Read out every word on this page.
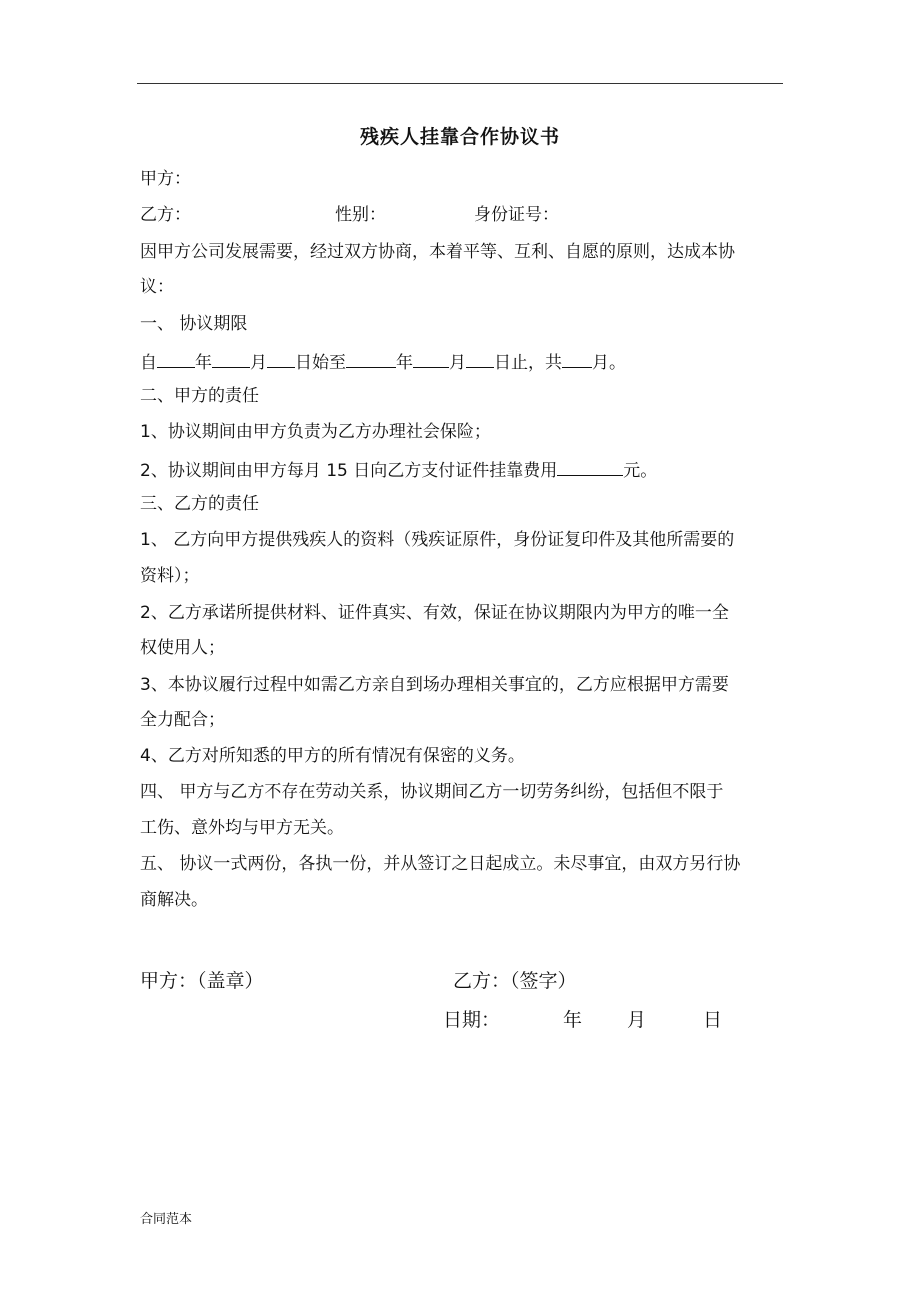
残疾人挂靠合作协议书
甲方：
乙方：	性别：	身份证号：
因甲方公司发展需要，经过双方协商，本着平等、互利、自愿的原则，达成本协
议：
一、 协议期限
自 年 月 日始至	年 月 日止，共 月。
二、甲方的责任
1、协议期间由甲方负责为乙方办理社会保险；
2、协议期间由甲方每月 15 日向乙方支付证件挂靠费用	元。
三、乙方的责任
1、 乙方向甲方提供残疾人的资料（残疾证原件，身份证复印件及其他所需要的
资料）；
2、乙方承诺所提供材料、证件真实、有效，保证在协议期限内为甲方的唯一全
权使用人；
3、本协议履行过程中如需乙方亲自到场办理相关事宜的，乙方应根据甲方需要
全力配合；
4、乙方对所知悉的甲方的所有情况有保密的义务。
四、 甲方与乙方不存在劳动关系，协议期间乙方一切劳务纠纷，包括但不限于
工伤、意外均与甲方无关。
五、 协议一式两份，各执一份，并从签订之日起成立。未尽事宜，由双方另行协
商解决。
甲方：（盖章）	乙方：（签字）
日期：	年 月	日
合同范本
